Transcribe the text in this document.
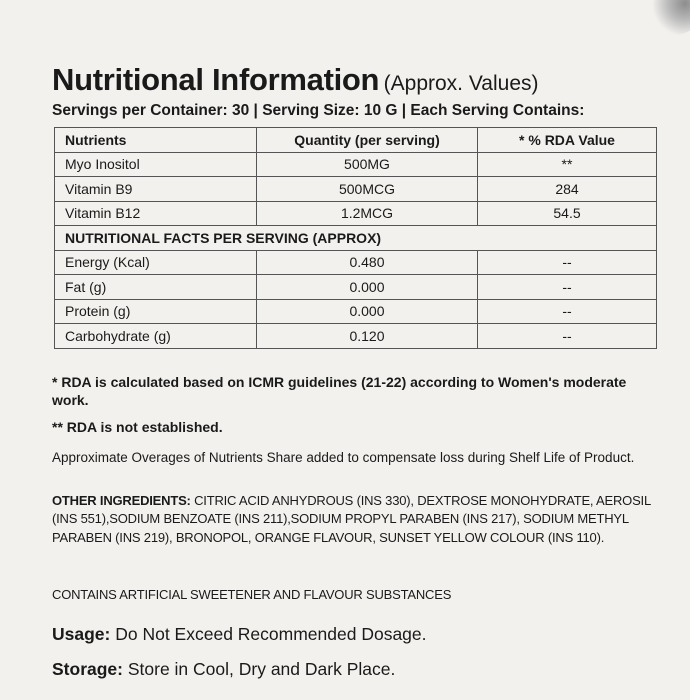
Nutritional Information (Approx. Values)
Servings per Container: 30 | Serving Size: 10 G | Each Serving Contains:
Nutrients	Quantity (per serving)	* % RDA Value
Myo Inositol	500MG	**
Vitamin B9	500MCG	284
Vitamin B12	1.2MCG	54.5
NUTRITIONAL FACTS PER SERVING (APPROX)		
Energy (Kcal)	0.480	--
Fat (g)	0.000	--
Protein (g)	0.000	--
Carbohydrate (g)	0.120	--
* RDA is calculated based on ICMR guidelines (21-22) according to Women's moderate work.
** RDA is not established.
Approximate Overages of Nutrients Share added to compensate loss during Shelf Life of Product.
OTHER INGREDIENTS: CITRIC ACID ANHYDROUS (INS 330), DEXTROSE MONOHYDRATE, AEROSIL (INS 551),SODIUM BENZOATE (INS 211),SODIUM PROPYL PARABEN (INS 217), SODIUM METHYL PARABEN (INS 219), BRONOPOL, ORANGE FLAVOUR, SUNSET YELLOW COLOUR (INS 110).
CONTAINS ARTIFICIAL SWEETENER AND FLAVOUR SUBSTANCES
Usage: Do Not Exceed Recommended Dosage.
Storage: Store in Cool, Dry and Dark Place.
